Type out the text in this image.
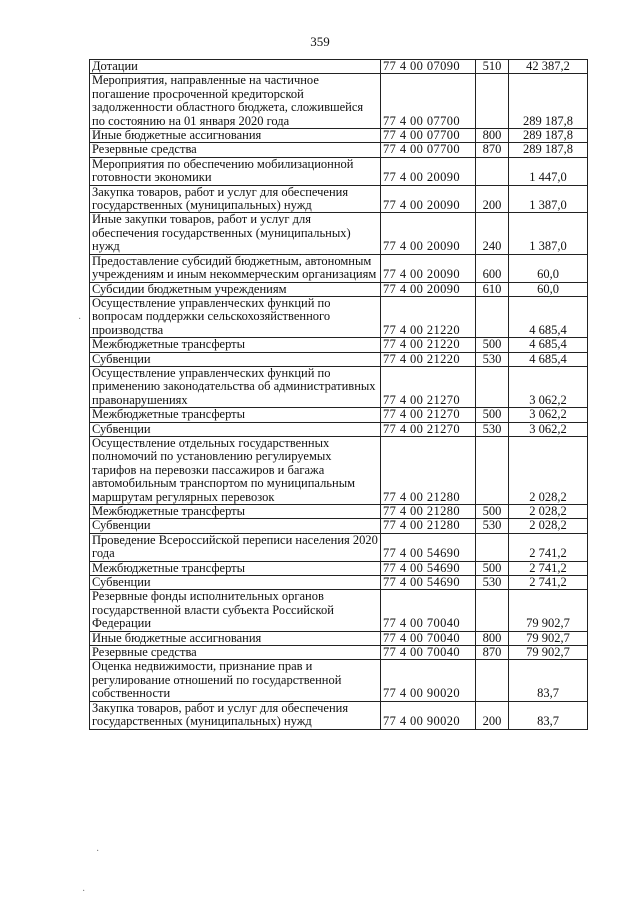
359
Дотации	77 4 00 07090	510	42 387,2
Мероприятия, направленные на частичное погашение просроченной кредиторской задолженности областного бюджета, сложившейся по состоянию на 01 января 2020 года	77 4 00 07700		289 187,8
Иные бюджетные ассигнования	77 4 00 07700	800	289 187,8
Резервные средства	77 4 00 07700	870	289 187,8
Мероприятия по обеспечению мобилизационной готовности экономики	77 4 00 20090		1 447,0
Закупка товаров, работ и услуг для обеспечения государственных (муниципальных) нужд	77 4 00 20090	200	1 387,0
Иные закупки товаров, работ и услуг для обеспечения государственных (муниципальных) нужд	77 4 00 20090	240	1 387,0
Предоставление субсидий бюджетным, автономным учреждениям и иным некоммерческим организациям	77 4 00 20090	600	60,0
Субсидии бюджетным учреждениям	77 4 00 20090	610	60,0
Осуществление управленческих функций по вопросам поддержки сельскохозяйственного производства	77 4 00 21220		4 685,4
Межбюджетные трансферты	77 4 00 21220	500	4 685,4
Субвенции	77 4 00 21220	530	4 685,4
Осуществление управленческих функций по применению законодательства об административных правонарушениях	77 4 00 21270		3 062,2
Межбюджетные трансферты	77 4 00 21270	500	3 062,2
Субвенции	77 4 00 21270	530	3 062,2
Осуществление отдельных государственных полномочий по установлению регулируемых тарифов на перевозки пассажиров и багажа автомобильным транспортом по муниципальным маршрутам регулярных перевозок	77 4 00 21280		2 028,2
Межбюджетные трансферты	77 4 00 21280	500	2 028,2
Субвенции	77 4 00 21280	530	2 028,2
Проведение Всероссийской переписи населения 2020 года	77 4 00 54690		2 741,2
Межбюджетные трансферты	77 4 00 54690	500	2 741,2
Субвенции	77 4 00 54690	530	2 741,2
Резервные фонды исполнительных органов государственной власти субъекта Российской Федерации	77 4 00 70040		79 902,7
Иные бюджетные ассигнования	77 4 00 70040	800	79 902,7
Резервные средства	77 4 00 70040	870	79 902,7
Оценка недвижимости, признание прав и регулирование отношений по государственной собственности	77 4 00 90020		83,7
Закупка товаров, работ и услуг для обеспечения государственных (муниципальных) нужд	77 4 00 90020	200	83,7
·
·
·
